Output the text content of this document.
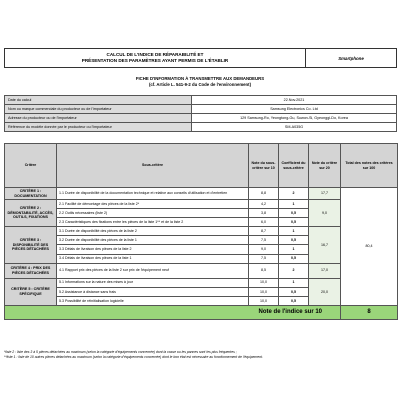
CALCUL DE L'INDICE DE RÉPARABILITÉ ET
PRÉSENTATION DES PARAMÈTRES AYANT PERMIS DE L'ÉTABLIR	Smartphone
FICHE D'INFORMATION À TRANSMETTRE AUX DEMANDEURS
(cf. Article L. 541-9-2 du Code de l'environnement)
Date du calcul	22.Nov.2021
Nom ou marque commerciale du producteur ou de l'importateur	Samsung Electronics Co. Ltd
Adresse du producteur ou de l'importateur	129 Samsung-Ro, Yeongtong-Gu, Suwon-Si, Gyeonggi-Do, Korea
Référence du modèle donnée par le producteur ou l'importateur	SM-A035G
Critère	Sous-critère	Note du sous-critère sur 10	Coefficient du sous-critère	Note du critère sur 20	Total des notes des critères sur 100
CRITÈRE 1 : DOCUMENTATION	1.1 Durée de disponibilité de la documentation technique et relative aux conseils d'utilisation et d'entretien	8,8	2	17,7	80,4
CRITÈRE 2 : DÉMONTABILITÉ, ACCÈS, OUTILS, FIXATIONS	2.1 Facilité de démontage des pièces de la liste 2*	4,2	1	9,0	
	2.2 Outils nécessaires (liste 2)	3,8	0,5		
	2.3 Caractéristiques des fixations entre les pièces de la liste 1** et de la liste 2	6,0	0,5		
CRITÈRE 3 : DISPONIBILITÉ DES PIÈCES DÉTACHÉES	3.1 Durée de disponibilité des pièces de la liste 2	8,7	1	16,7	
	3.2 Durée de disponibilité des pièces de la liste 1	7,5	0,5		
	3.3 Délais de livraison des pièces de la liste 2	9,0	1		
	3.4 Délais de livraison des pièces de la liste 1	7,5	0,5		
CRITÈRE 4 : PRIX DES PIÈCES DÉTACHÉES	4.1 Rapport prix des pièces de la liste 2 sur prix de l'équipement neuf	8,5	2	17,0	
CRITÈRE 5 : CRITÈRE SPÉCIFIQUE	5.1 Informations sur la nature des mises à jour	10,0	1	20,0	
	5.2 Assistance à distance sans frais	10,0	0,5		
	5.3 Possibilité de réinitialisation logicielle	10,0	0,5		
Note de l'indice sur 10					8
*liste 2 : liste des 3 à 5 pièces détachées au maximum (selon la catégorie d'équipements concernée) dont la casse ou les pannes sont les plus fréquentes ;
**liste 1 : liste de 10 autres pièces détachées au maximum (selon la catégorie d'équipements concernée) dont le bon état est nécessaire au fonctionnement de l'équipement.
